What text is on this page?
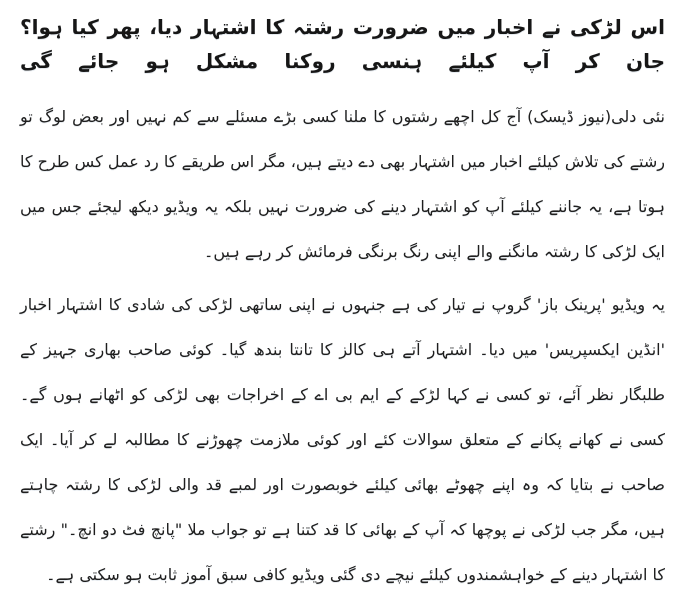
اس لڑکی نے اخبار میں ضرورت رشتہ کا اشتہار دیا، پھر کیا ہوا؟ جان کر آپ کیلئے ہنسی روکنا مشکل ہو جائے گی

نئی دلی(نیوز ڈیسک) آج کل اچھے رشتوں کا ملنا کسی بڑے مسئلے سے کم نہیں اور بعض لوگ تو رشتے کی تلاش کیلئے اخبار میں اشتہار بھی دے دیتے ہیں، مگر اس طریقے کا رد عمل کس طرح کا ہوتا ہے، یہ جاننے کیلئے آپ کو اشتہار دینے کی ضرورت نہیں بلکہ یہ ویڈیو دیکھ لیجئے جس میں ایک لڑکی کا رشتہ مانگنے والے اپنی رنگ برنگی فرمائش کر رہے ہیں۔

یہ ویڈیو 'پرینک باز' گروپ نے تیار کی ہے جنہوں نے اپنی ساتھی لڑکی کی شادی کا اشتہار اخبار 'انڈین ایکسپریس' میں دیا۔ اشتہار آتے ہی کالز کا تانتا بندھ گیا۔ کوئی صاحب بھاری جہیز کے طلبگار نظر آئے، تو کسی نے کہا لڑکے کے ایم بی اے کے اخراجات بھی لڑکی کو اٹھانے ہوں گے۔ کسی نے کھانے پکانے کے متعلق سوالات کئے اور کوئی ملازمت چھوڑنے کا مطالبہ لے کر آیا۔ ایک صاحب نے بتایا کہ وہ اپنے چھوٹے بھائی کیلئے خوبصورت اور لمبے قد والی لڑکی کا رشتہ چاہتے ہیں، مگر جب لڑکی نے پوچھا کہ آپ کے بھائی کا قد کتنا ہے تو جواب ملا "پانچ فٹ دو انچ۔" رشتے کا اشتہار دینے کے خواہشمندوں کیلئے نیچے دی گئی ویڈیو کافی سبق آموز ثابت ہو سکتی ہے۔
